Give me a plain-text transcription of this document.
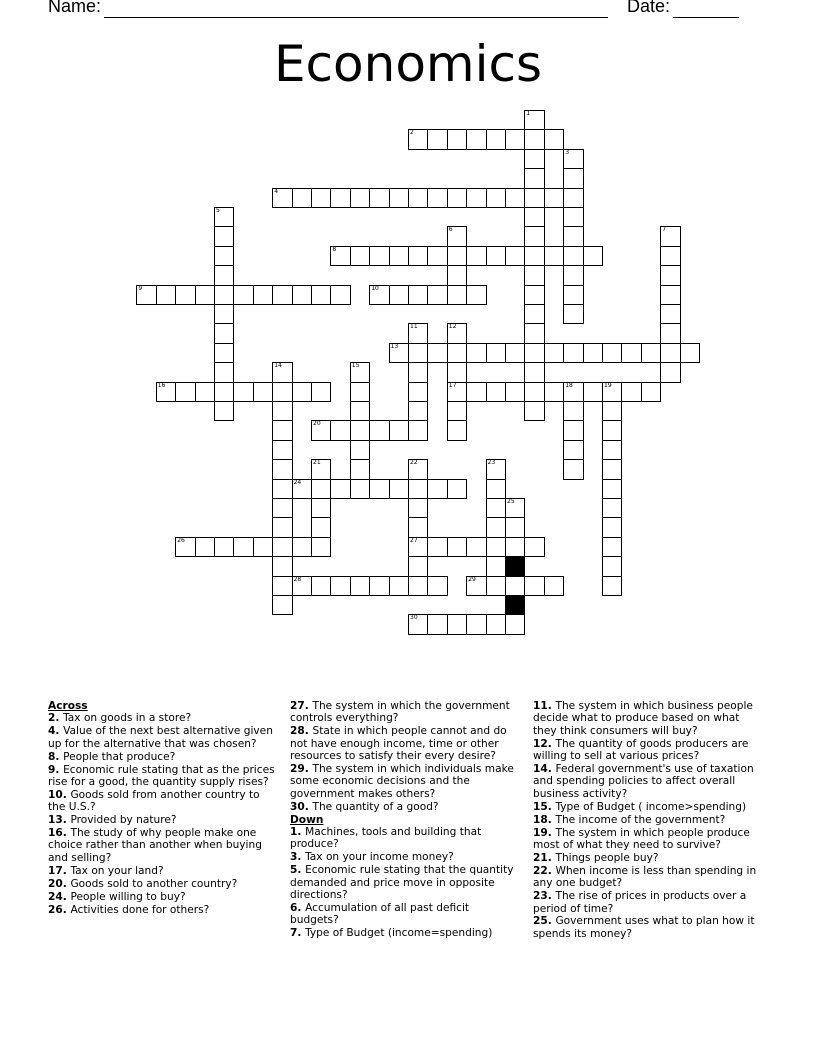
Name:	Date:
Economics
1
2
3
4
5
6	7
8
9	10
11	12
17
13
14	15
16	18	19
20
21	22
27
23
24
25
26
28	29
30
Across
2. Tax on goods in a store?
4. Value of the next best alternative given up for the alternative that was chosen?
8. People that produce?
9. Economic rule stating that as the prices rise for a good, the quantity supply rises?
10. Goods sold from another country to the U.S.?
13. Provided by nature?
16. The study of why people make one choice rather than another when buying and selling?
17. Tax on your land?
20. Goods sold to another country?
24. People willing to buy?
26. Activities done for others?
27. The system in which the government controls everything?
28. State in which people cannot and do not have enough income, time or other resources to satisfy their every desire?
29. The system in which individuals make some economic decisions and the government makes others?
30. The quantity of a good?
Down
1. Machines, tools and building that produce?
3. Tax on your income money?
5. Economic rule stating that the quantity demanded and price move in opposite directions?
6. Accumulation of all past deficit budgets?
7. Type of Budget (income=spending)
11. The system in which business people decide what to produce based on what they think consumers will buy?
12. The quantity of goods producers are willing to sell at various prices?
14. Federal government's use of taxation and spending policies to affect overall business activity?
15. Type of Budget ( income>spending)
18. The income of the government?
19. The system in which people produce most of what they need to survive?
21. Things people buy?
22. When income is less than spending in any one budget?
23. The rise of prices in products over a period of time?
25. Government uses what to plan how it spends its money?
